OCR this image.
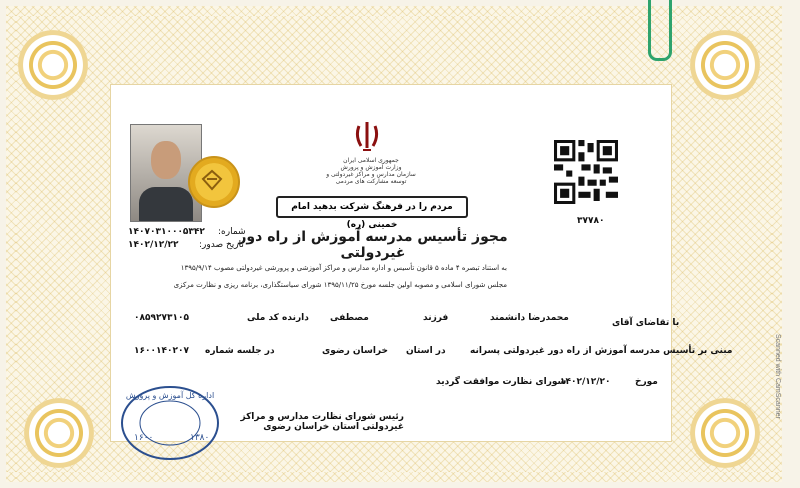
جمهوری اسلامی ایران
وزارت آموزش و پرورش
سازمان مدارس و مراکز غیردولتی و توسعه مشارکت های مردمی
مردم را در فرهنگ شرکت بدهید امام خمینی (ره)	۳۷۷۸۰
شماره:
۱۴۰۷۰۳۱۰۰۰۵۳۴۲
تاریخ صدور:
۱۴۰۲/۱۲/۲۲	مجوز تأسیس مدرسه آموزش از راه دور غیردولتی
به استناد تبصره ۴ ماده ۵ قانون تأسیس و اداره مدارس و مراکز آموزشی و پرورشی غیردولتی مصوب ۱۳۹۵/۹/۱۴
مجلس شورای اسلامی و مصوبه اولین جلسه مورخ ۱۳۹۵/۱۱/۲۵ شورای سیاستگذاری، برنامه ریزی و نظارت مرکزی
با تقاضای آقای
محمدرضا دانشمند
فرزند
مصطفی
دارنده کد ملی
۰۸۵۹۲۷۳۱۰۵
مبنی بر تأسیس مدرسه آموزش از راه دور غیردولتی پسرانه
در استان
خراسان رضوی
در جلسه شماره
۱۶۰۰۱۴۰۲۰۷
مورخ
۱۴۰۲/۱۲/۲۰
شورای نظارت موافقت گردید
اداره کل آموزش و پرورش
۱۶۰۰	۱۳۸۰
رئیس شورای نظارت مدارس و مراکز غیردولتی استان خراسان رضوی
Scanned with CamScanner
